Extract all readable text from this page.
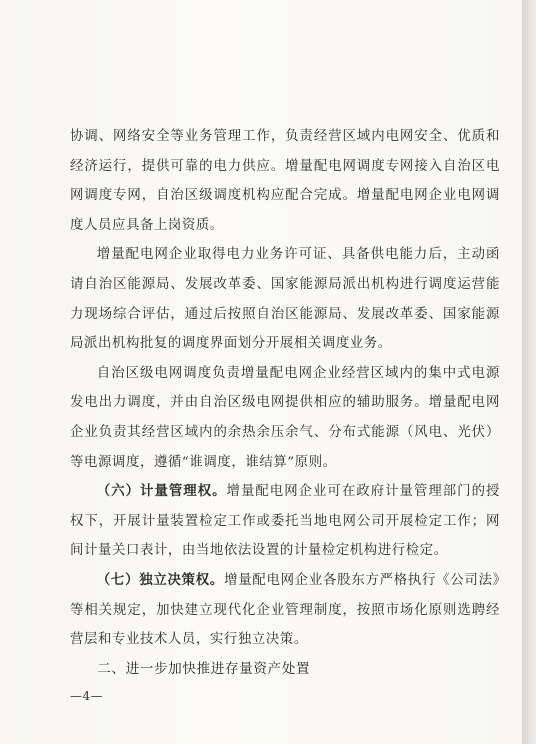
协调、网络安全等业务管理工作，负责经营区域内电网安全、优质和经济运行，提供可靠的电力供应。增量配电网调度专网接入自治区电网调度专网，自治区级调度机构应配合完成。增量配电网企业电网调度人员应具备上岗资质。

增量配电网企业取得电力业务许可证、具备供电能力后，主动函请自治区能源局、发展改革委、国家能源局派出机构进行调度运营能力现场综合评估，通过后按照自治区能源局、发展改革委、国家能源局派出机构批复的调度界面划分开展相关调度业务。

自治区级电网调度负责增量配电网企业经营区域内的集中式电源发电出力调度，并由自治区级电网提供相应的辅助服务。增量配电网企业负责其经营区域内的余热余压余气、分布式能源（风电、光伏）等电源调度，遵循“谁调度，谁结算”原则。

（六）计量管理权。增量配电网企业可在政府计量管理部门的授权下，开展计量装置检定工作或委托当地电网公司开展检定工作；网间计量关口表计，由当地依法设置的计量检定机构进行检定。

（七）独立决策权。增量配电网企业各股东方严格执行《公司法》等相关规定，加快建立现代化企业管理制度，按照市场化原则选聘经营层和专业技术人员，实行独立决策。

二、进一步加快推进存量资产处置

—4—
